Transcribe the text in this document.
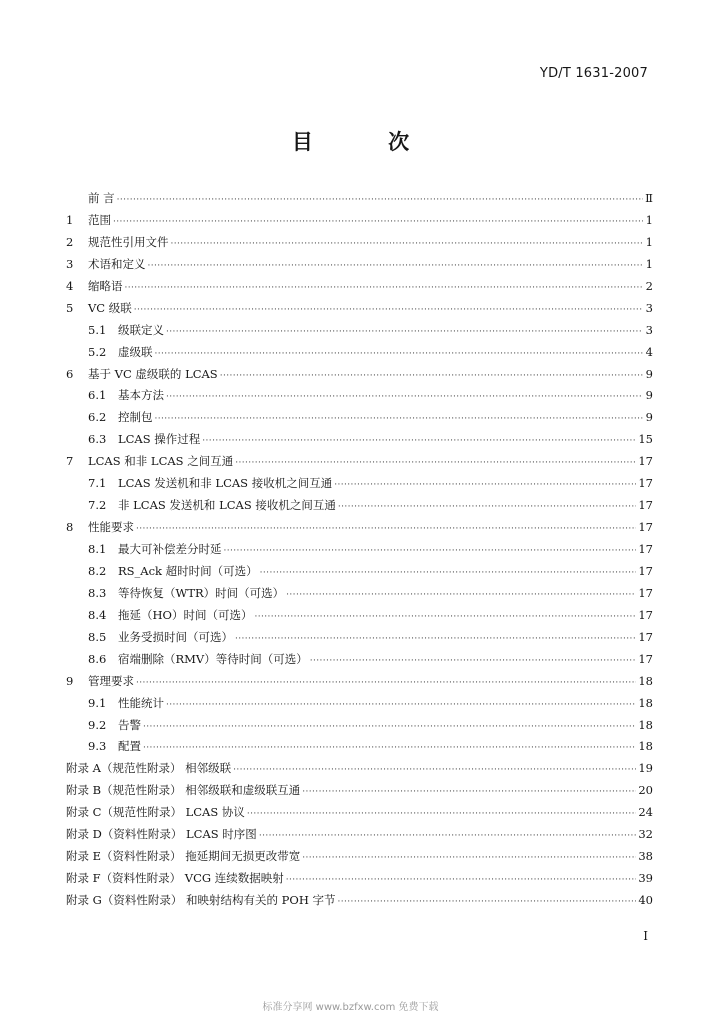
YD/T 1631-2007
目 次
前 言 ·····	Ⅱ
1	范围 ·····	1
2	规范性引用文件 ·····	1
3	术语和定义 ·····	1
4	缩略语 ·····	2
5	VC 级联 ·····	3
5.1	级联定义 ·····	3
5.2	虚级联 ·····	4
6	基于 VC 虚级联的 LCAS ·····	9
6.1	基本方法 ·····	9
6.2	控制包 ·····	9
6.3	LCAS 操作过程 ·····	15
7	LCAS 和非 LCAS 之间互通 ·····	17
7.1	LCAS 发送机和非 LCAS 接收机之间互通 ·····	17
7.2	非 LCAS 发送机和 LCAS 接收机之间互通 ·····	17
8	性能要求 ·····	17
8.1	最大可补偿差分时延 ·····	17
8.2	RS_Ack 超时时间（可选） ·····	17
8.3	等待恢复（WTR）时间（可选） ·····	17
8.4	拖延（HO）时间（可选） ·····	17
8.5	业务受损时间（可选） ·····	17
8.6	宿端删除（RMV）等待时间（可选） ·····	17
9	管理要求 ·····	18
9.1	性能统计 ·····	18
9.2	告警 ·····	18
9.3	配置 ·····	18
附录 A（规范性附录） 相邻级联 ·····	19
附录 B（规范性附录） 相邻级联和虚级联互通 ·····	20
附录 C（规范性附录） LCAS 协议 ·····	24
附录 D（资料性附录） LCAS 时序图 ·····	32
附录 E（资料性附录） 拖延期间无损更改带宽 ·····	38
附录 F（资料性附录） VCG 连续数据映射 ·····	39
附录 G（资料性附录） 和映射结构有关的 POH 字节 ·····	40
I
标准分享网 www.bzfxw.com 免费下载
